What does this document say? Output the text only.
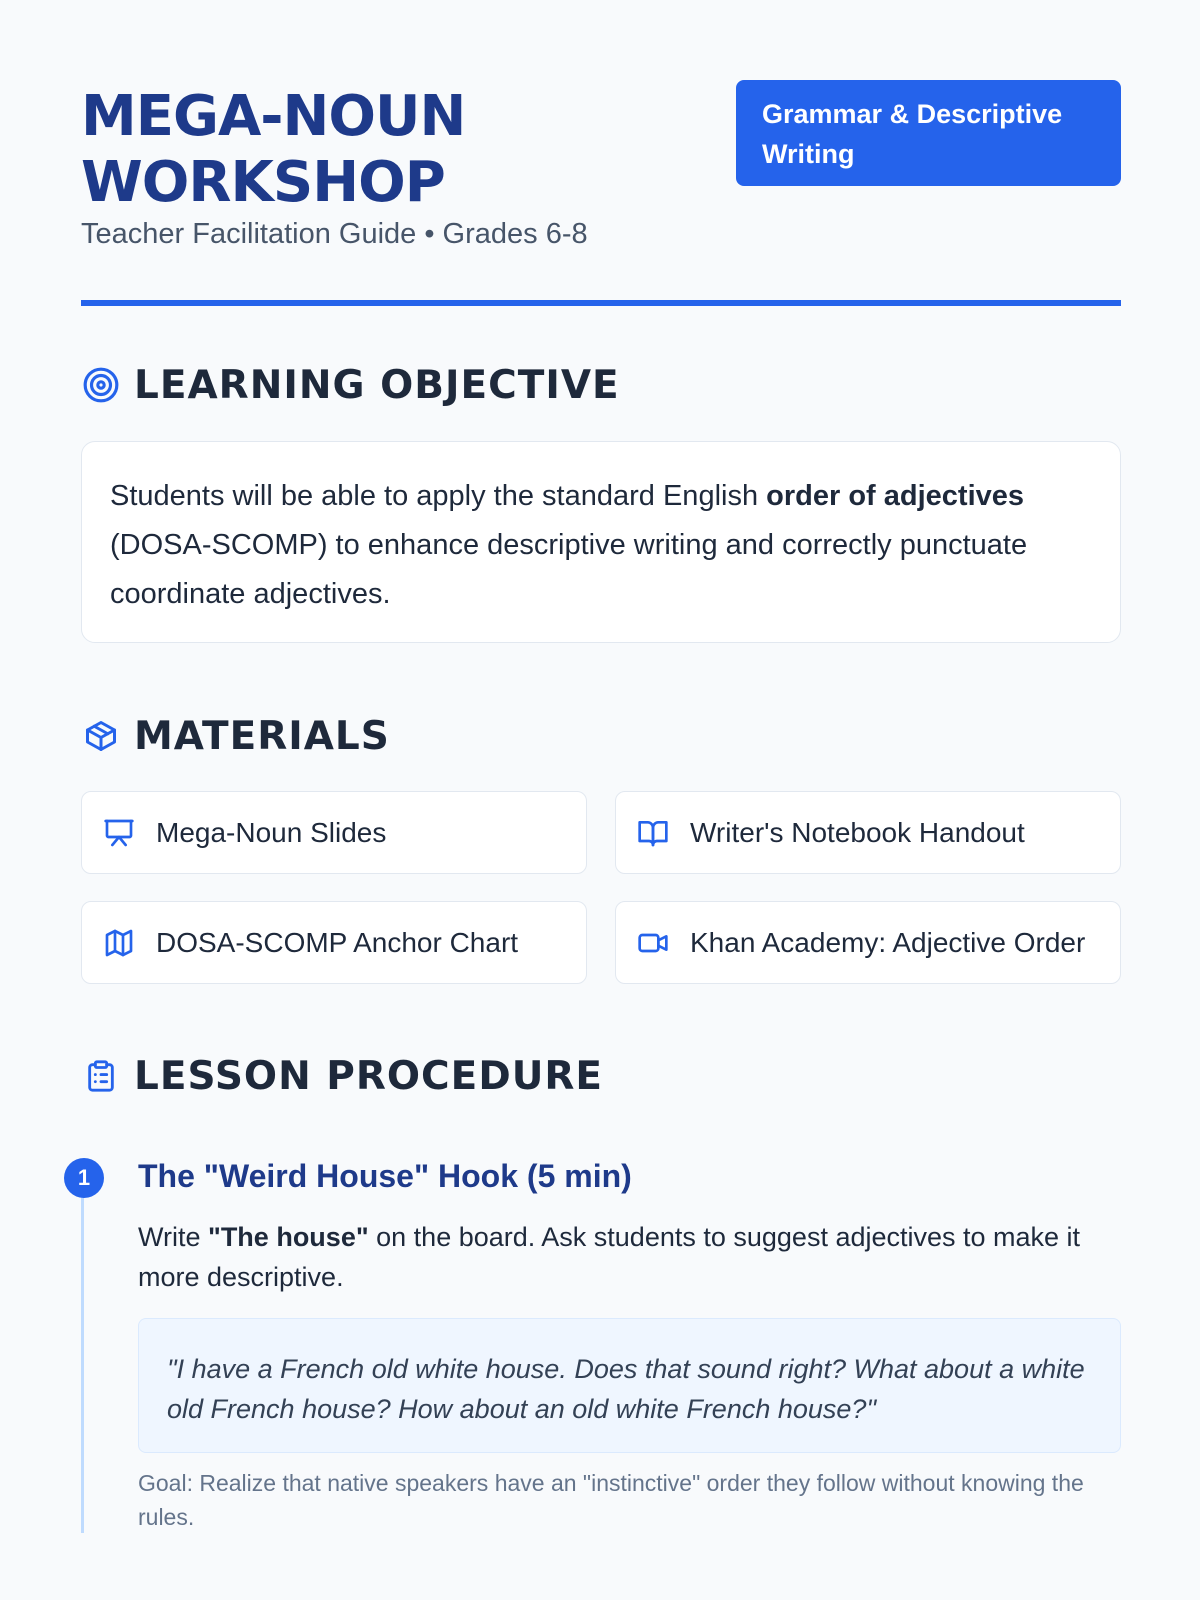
MEGA-NOUN WORKSHOP
Teacher Facilitation Guide • Grades 6-8
Grammar & Descriptive Writing
LEARNING OBJECTIVE
Students will be able to apply the standard English order of adjectives (DOSA-SCOMP) to enhance descriptive writing and correctly punctuate coordinate adjectives.
MATERIALS
Mega-Noun Slides	Writer's Notebook Handout
DOSA-SCOMP Anchor Chart	Khan Academy: Adjective Order
LESSON PROCEDURE
1	The "Weird House" Hook (5 min)
Write "The house" on the board. Ask students to suggest adjectives to make it more descriptive.
"I have a French old white house. Does that sound right? What about a white old French house? How about an old white French house?"
Goal: Realize that native speakers have an "instinctive" order they follow without knowing the rules.
